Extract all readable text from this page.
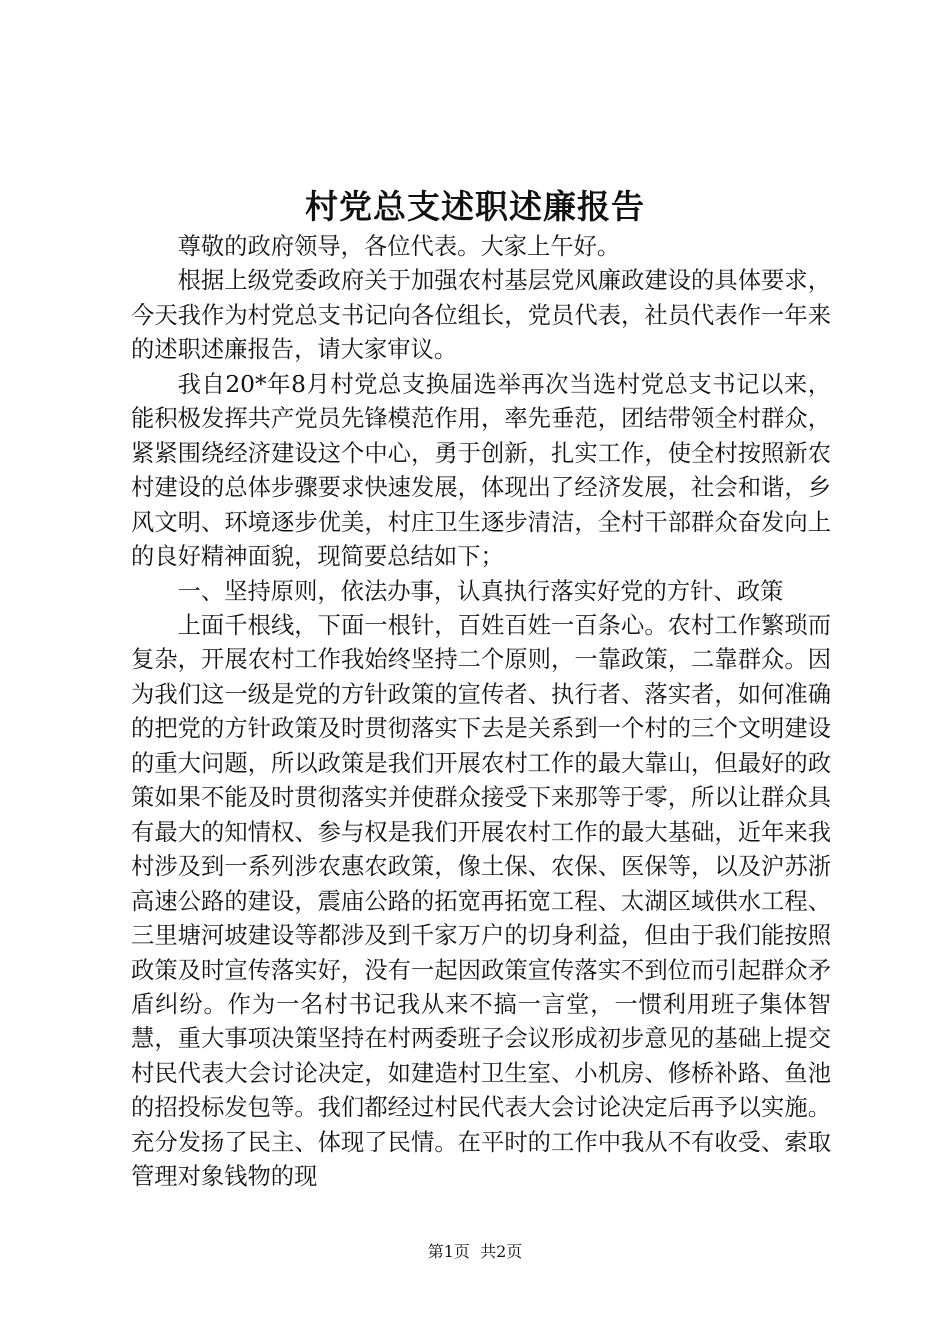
村党总支述职述廉报告

尊敬的政府领导，各位代表。大家上午好。

根据上级党委政府关于加强农村基层党风廉政建设的具体要求，今天我作为村党总支书记向各位组长，党员代表，社员代表作一年来的述职述廉报告，请大家审议。

我自20*年8月村党总支换届选举再次当选村党总支书记以来，能积极发挥共产党员先锋模范作用，率先垂范，团结带领全村群众，紧紧围绕经济建设这个中心，勇于创新，扎实工作，使全村按照新农村建设的总体步骤要求快速发展，体现出了经济发展，社会和谐，乡风文明、环境逐步优美，村庄卫生逐步清洁，全村干部群众奋发向上的良好精神面貌，现简要总结如下；

一、坚持原则，依法办事，认真执行落实好党的方针、政策

上面千根线，下面一根针，百姓百姓一百条心。农村工作繁琐而复杂，开展农村工作我始终坚持二个原则，一靠政策，二靠群众。因为我们这一级是党的方针政策的宣传者、执行者、落实者，如何准确的把党的方针政策及时贯彻落实下去是关系到一个村的三个文明建设的重大问题，所以政策是我们开展农村工作的最大靠山，但最好的政策如果不能及时贯彻落实并使群众接受下来那等于零，所以让群众具有最大的知情权、参与权是我们开展农村工作的最大基础，近年来我村涉及到一系列涉农惠农政策，像土保、农保、医保等，以及沪苏浙高速公路的建设，震庙公路的拓宽再拓宽工程、太湖区域供水工程、三里塘河坡建设等都涉及到千家万户的切身利益，但由于我们能按照政策及时宣传落实好，没有一起因政策宣传落实不到位而引起群众矛盾纠纷。作为一名村书记我从来不搞一言堂，一惯利用班子集体智慧，重大事项决策坚持在村两委班子会议形成初步意见的基础上提交村民代表大会讨论决定，如建造村卫生室、小机房、修桥补路、鱼池的招投标发包等。我们都经过村民代表大会讨论决定后再予以实施。充分发扬了民主、体现了民情。在平时的工作中我从不有收受、索取管理对象钱物的现

第1页 共2页
